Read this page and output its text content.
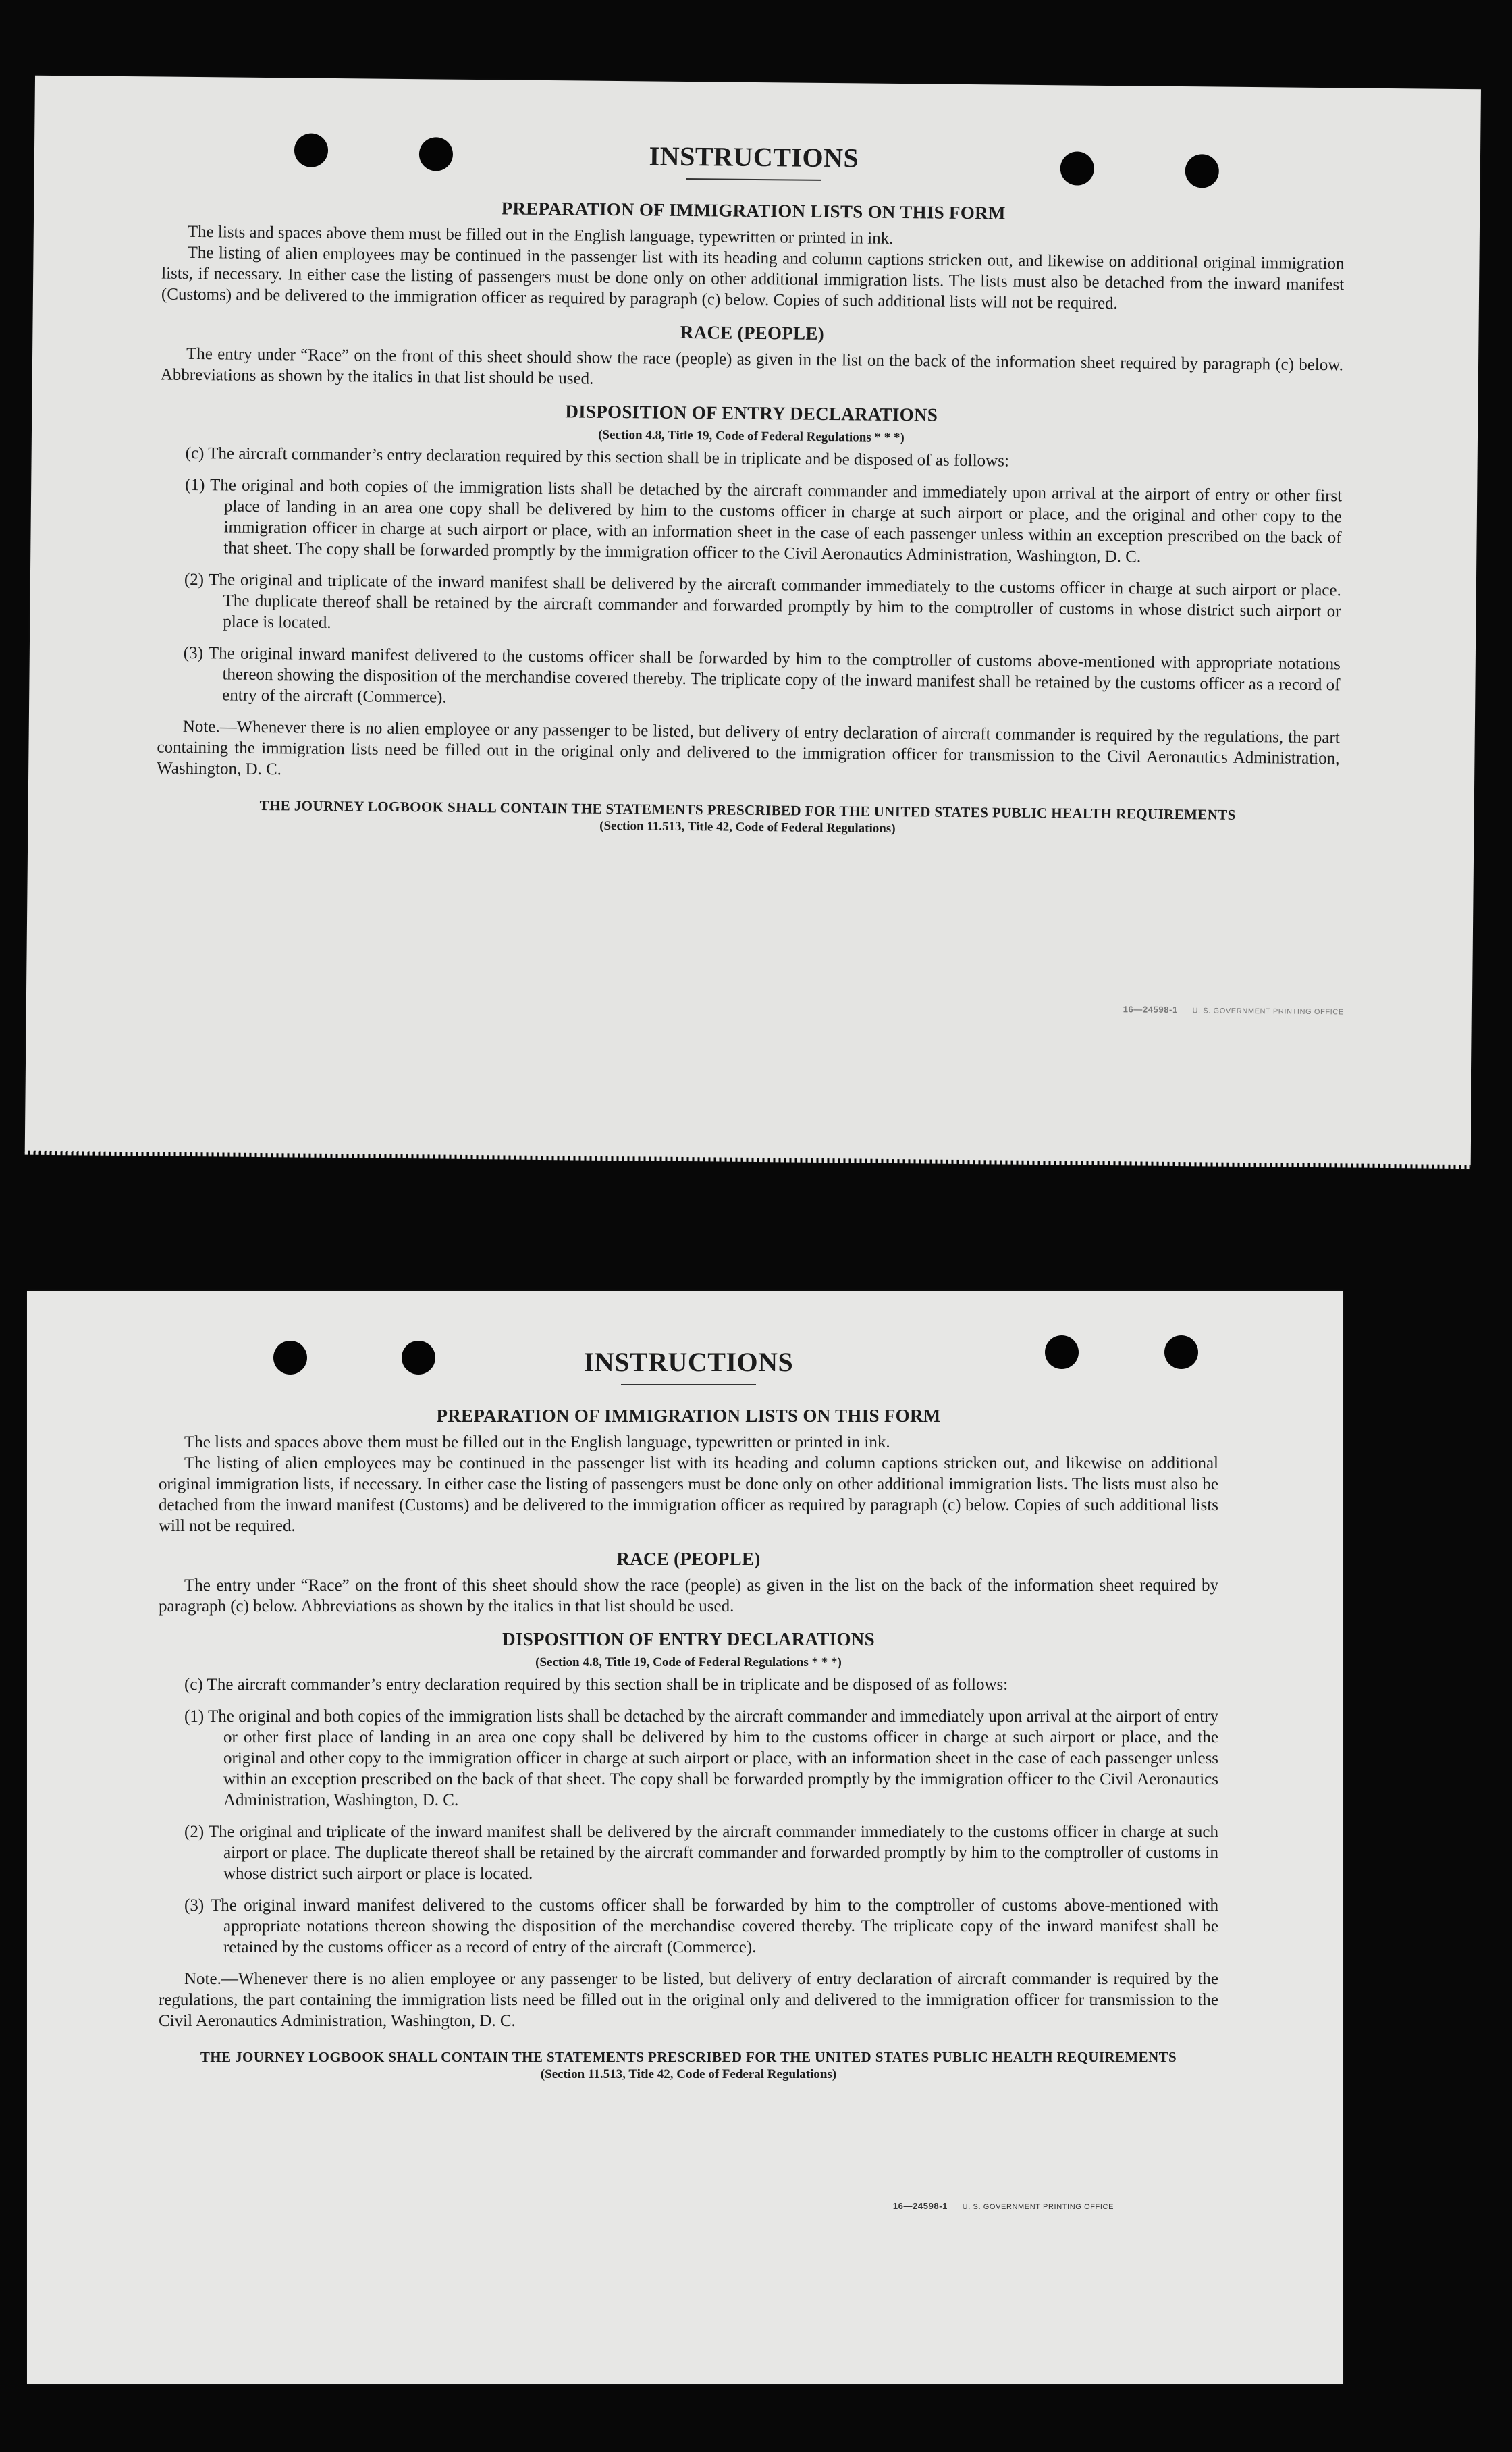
INSTRUCTIONS
PREPARATION OF IMMIGRATION LISTS ON THIS FORM

The lists and spaces above them must be filled out in the English language, typewritten or printed in ink.

The listing of alien employees may be continued in the passenger list with its heading and column captions stricken out, and likewise on additional original immigration lists, if necessary. In either case the listing of passengers must be done only on other additional immigration lists. The lists must also be detached from the inward manifest (Customs) and be delivered to the immigration officer as required by paragraph (c) below. Copies of such additional lists will not be required.

RACE (PEOPLE)

The entry under “Race” on the front of this sheet should show the race (people) as given in the list on the back of the information sheet required by paragraph (c) below. Abbreviations as shown by the italics in that list should be used.

DISPOSITION OF ENTRY DECLARATIONS
(Section 4.8, Title 19, Code of Federal Regulations * * *)

(c) The aircraft commander’s entry declaration required by this section shall be in triplicate and be disposed of as follows:

(1) The original and both copies of the immigration lists shall be detached by the aircraft commander and immediately upon arrival at the airport of entry or other first place of landing in an area one copy shall be delivered by him to the customs officer in charge at such airport or place, and the original and other copy to the immigration officer in charge at such airport or place, with an information sheet in the case of each passenger unless within an exception prescribed on the back of that sheet. The copy shall be forwarded promptly by the immigration officer to the Civil Aeronautics Administration, Washington, D. C.

(2) The original and triplicate of the inward manifest shall be delivered by the aircraft commander immediately to the customs officer in charge at such airport or place. The duplicate thereof shall be retained by the aircraft commander and forwarded promptly by him to the comptroller of customs in whose district such airport or place is located.

(3) The original inward manifest delivered to the customs officer shall be forwarded by him to the comptroller of customs above-mentioned with appropriate notations thereon showing the disposition of the merchandise covered thereby. The triplicate copy of the inward manifest shall be retained by the customs officer as a record of entry of the aircraft (Commerce).

Note.—Whenever there is no alien employee or any passenger to be listed, but delivery of entry declaration of aircraft commander is required by the regulations, the part containing the immigration lists need be filled out in the original only and delivered to the immigration officer for transmission to the Civil Aeronautics Administration, Washington, D. C.

THE JOURNEY LOGBOOK SHALL CONTAIN THE STATEMENTS PRESCRIBED FOR THE UNITED STATES PUBLIC HEALTH REQUIREMENTS
(Section 11.513, Title 42, Code of Federal Regulations)
16—24598-1 U. S. GOVERNMENT PRINTING OFFICE
INSTRUCTIONS
PREPARATION OF IMMIGRATION LISTS ON THIS FORM

The lists and spaces above them must be filled out in the English language, typewritten or printed in ink.

The listing of alien employees may be continued in the passenger list with its heading and column captions stricken out, and likewise on additional original immigration lists, if necessary. In either case the listing of passengers must be done only on other additional immigration lists. The lists must also be detached from the inward manifest (Customs) and be delivered to the immigration officer as required by paragraph (c) below. Copies of such additional lists will not be required.

RACE (PEOPLE)

The entry under “Race” on the front of this sheet should show the race (people) as given in the list on the back of the information sheet required by paragraph (c) below. Abbreviations as shown by the italics in that list should be used.

DISPOSITION OF ENTRY DECLARATIONS
(Section 4.8, Title 19, Code of Federal Regulations * * *)

(c) The aircraft commander’s entry declaration required by this section shall be in triplicate and be disposed of as follows:

(1) The original and both copies of the immigration lists shall be detached by the aircraft commander and immediately upon arrival at the airport of entry or other first place of landing in an area one copy shall be delivered by him to the customs officer in charge at such airport or place, and the original and other copy to the immigration officer in charge at such airport or place, with an information sheet in the case of each passenger unless within an exception prescribed on the back of that sheet. The copy shall be forwarded promptly by the immigration officer to the Civil Aeronautics Administration, Washington, D. C.

(2) The original and triplicate of the inward manifest shall be delivered by the aircraft commander immediately to the customs officer in charge at such airport or place. The duplicate thereof shall be retained by the aircraft commander and forwarded promptly by him to the comptroller of customs in whose district such airport or place is located.

(3) The original inward manifest delivered to the customs officer shall be forwarded by him to the comptroller of customs above-mentioned with appropriate notations thereon showing the disposition of the merchandise covered thereby. The triplicate copy of the inward manifest shall be retained by the customs officer as a record of entry of the aircraft (Commerce).

Note.—Whenever there is no alien employee or any passenger to be listed, but delivery of entry declaration of aircraft commander is required by the regulations, the part containing the immigration lists need be filled out in the original only and delivered to the immigration officer for transmission to the Civil Aeronautics Administration, Washington, D. C.

THE JOURNEY LOGBOOK SHALL CONTAIN THE STATEMENTS PRESCRIBED FOR THE UNITED STATES PUBLIC HEALTH REQUIREMENTS
(Section 11.513, Title 42, Code of Federal Regulations)
16—24598-1 U. S. GOVERNMENT PRINTING OFFICE
